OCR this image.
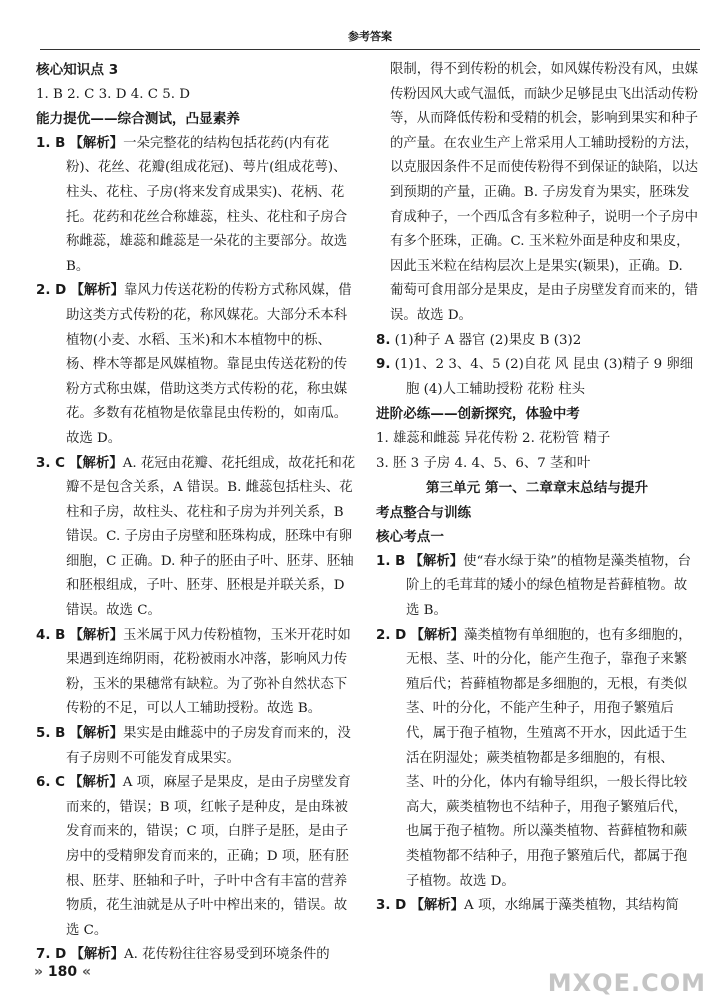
参考答案

核心知识点 3

1. B 2. C 3. D 4. C 5. D

能力提优——综合测试，凸显素养

1. B 【解析】一朵完整花的结构包括花药(内有花粉)、花丝、花瓣(组成花冠)、萼片(组成花萼)、柱头、花柱、子房(将来发育成果实)、花柄、花托。花药和花丝合称雄蕊，柱头、花柱和子房合称雌蕊，雄蕊和雌蕊是一朵花的主要部分。故选 B。

2. D 【解析】靠风力传送花粉的传粉方式称风媒，借助这类方式传粉的花，称风媒花。大部分禾本科植物(小麦、水稻、玉米)和木本植物中的栎、杨、桦木等都是风媒植物。靠昆虫传送花粉的传粉方式称虫媒，借助这类方式传粉的花，称虫媒花。多数有花植物是依靠昆虫传粉的，如南瓜。故选 D。

3. C 【解析】A. 花冠由花瓣、花托组成，故花托和花瓣不是包含关系，A 错误。B. 雌蕊包括柱头、花柱和子房，故柱头、花柱和子房为并列关系，B 错误。C. 子房由子房壁和胚珠构成，胚珠中有卵细胞，C 正确。D. 种子的胚由子叶、胚芽、胚轴和胚根组成，子叶、胚芽、胚根是并联关系，D 错误。故选 C。

4. B 【解析】玉米属于风力传粉植物，玉米开花时如果遇到连绵阴雨，花粉被雨水冲落，影响风力传粉，玉米的果穗常有缺粒。为了弥补自然状态下传粉的不足，可以人工辅助授粉。故选 B。

5. B 【解析】果实是由雌蕊中的子房发育而来的，没有子房则不可能发育成果实。

6. C 【解析】A 项，麻屋子是果皮，是由子房壁发育而来的，错误；B 项，红帐子是种皮，是由珠被发育而来的，错误；C 项，白胖子是胚，是由子房中的受精卵发育而来的，正确；D 项，胚有胚根、胚芽、胚轴和子叶，子叶中含有丰富的营养物质，花生油就是从子叶中榨出来的，错误。故选 C。

7. D 【解析】A. 花传粉往往容易受到环境条件的

限制，得不到传粉的机会，如风媒传粉没有风，虫媒传粉因风大或气温低，而缺少足够昆虫飞出活动传粉等，从而降低传粉和受精的机会，影响到果实和种子的产量。在农业生产上常采用人工辅助授粉的方法，以克服因条件不足而使传粉得不到保证的缺陷，以达到预期的产量，正确。B. 子房发育为果实，胚珠发育成种子，一个西瓜含有多粒种子，说明一个子房中有多个胚珠，正确。C. 玉米粒外面是种皮和果皮，因此玉米粒在结构层次上是果实(颖果)，正确。D. 葡萄可食用部分是果皮，是由子房壁发育而来的，错误。故选 D。

8. (1)种子 A 器官 (2)果皮 B (3)2

9. (1)1、2 3、4、5 (2)自花 风 昆虫 (3)精子 9 卵细胞 (4)人工辅助授粉 花粉 柱头

进阶必练——创新探究，体验中考

1. 雄蕊和雌蕊 异花传粉 2. 花粉管 精子

3. 胚 3 子房 4. 4、5、6、7 茎和叶

第三单元 第一、二章章末总结与提升

考点整合与训练

核心考点一

1. B 【解析】使“春水绿于染”的植物是藻类植物，台阶上的毛茸茸的矮小的绿色植物是苔藓植物。故选 B。

2. D 【解析】藻类植物有单细胞的，也有多细胞的，无根、茎、叶的分化，能产生孢子，靠孢子来繁殖后代；苔藓植物都是多细胞的，无根，有类似茎、叶的分化，不能产生种子，用孢子繁殖后代，属于孢子植物，生殖离不开水，因此适于生活在阴湿处；蕨类植物都是多细胞的，有根、茎、叶的分化，体内有输导组织，一般长得比较高大，蕨类植物也不结种子，用孢子繁殖后代，也属于孢子植物。所以藻类植物、苔藓植物和蕨类植物都不结种子，用孢子繁殖后代，都属于孢子植物。故选 D。

3. D 【解析】A 项，水绵属于藻类植物，其结构简

» 180 «	MXQE.COM
